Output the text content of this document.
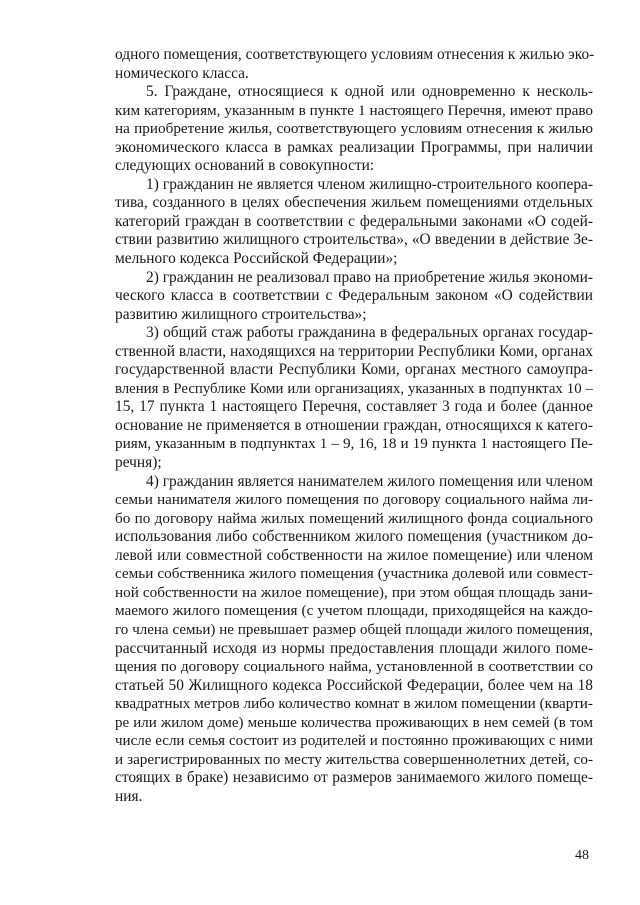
одного помещения, соответствующего условиям отнесения к жилью эко-
номического класса.
5. Граждане, относящиеся к одной или одновременно к несколь-
ким категориям, указанным в пункте 1 настоящего Перечня, имеют право
на приобретение жилья, соответствующего условиям отнесения к жилью
экономического класса в рамках реализации Программы, при наличии
следующих оснований в совокупности:
1) гражданин не является членом жилищно-строительного коопера-
тива, созданного в целях обеспечения жильем помещениями отдельных
категорий граждан в соответствии с федеральными законами «О содей-
ствии развитию жилищного строительства», «О введении в действие Зе-
мельного кодекса Российской Федерации»;
2) гражданин не реализовал право на приобретение жилья экономи-
ческого класса в соответствии с Федеральным законом «О содействии
развитию жилищного строительства»;
3) общий стаж работы гражданина в федеральных органах государ-
ственной власти, находящихся на территории Республики Коми, органах
государственной власти Республики Коми, органах местного самоупра-
вления в Республике Коми или организациях, указанных в подпунктах 10 –
15, 17 пункта 1 настоящего Перечня, составляет 3 года и более (данное
основание не применяется в отношении граждан, относящихся к катего-
риям, указанным в подпунктах 1 – 9, 16, 18 и 19 пункта 1 настоящего Пе-
речня);
4) гражданин является нанимателем жилого помещения или членом
семьи нанимателя жилого помещения по договору социального найма ли-
бо по договору найма жилых помещений жилищного фонда социального
использования либо собственником жилого помещения (участником до-
левой или совместной собственности на жилое помещение) или членом
семьи собственника жилого помещения (участника долевой или совмест-
ной собственности на жилое помещение), при этом общая площадь зани-
маемого жилого помещения (с учетом площади, приходящейся на каждо-
го члена семьи) не превышает размер общей площади жилого помещения,
рассчитанный исходя из нормы предоставления площади жилого поме-
щения по договору социального найма, установленной в соответствии со
статьей 50 Жилищного кодекса Российской Федерации, более чем на 18
квадратных метров либо количество комнат в жилом помещении (кварти-
ре или жилом доме) меньше количества проживающих в нем семей (в том
числе если семья состоит из родителей и постоянно проживающих с ними
и зарегистрированных по месту жительства совершеннолетних детей, со-
стоящих в браке) независимо от размеров занимаемого жилого помеще-
ния.
48
